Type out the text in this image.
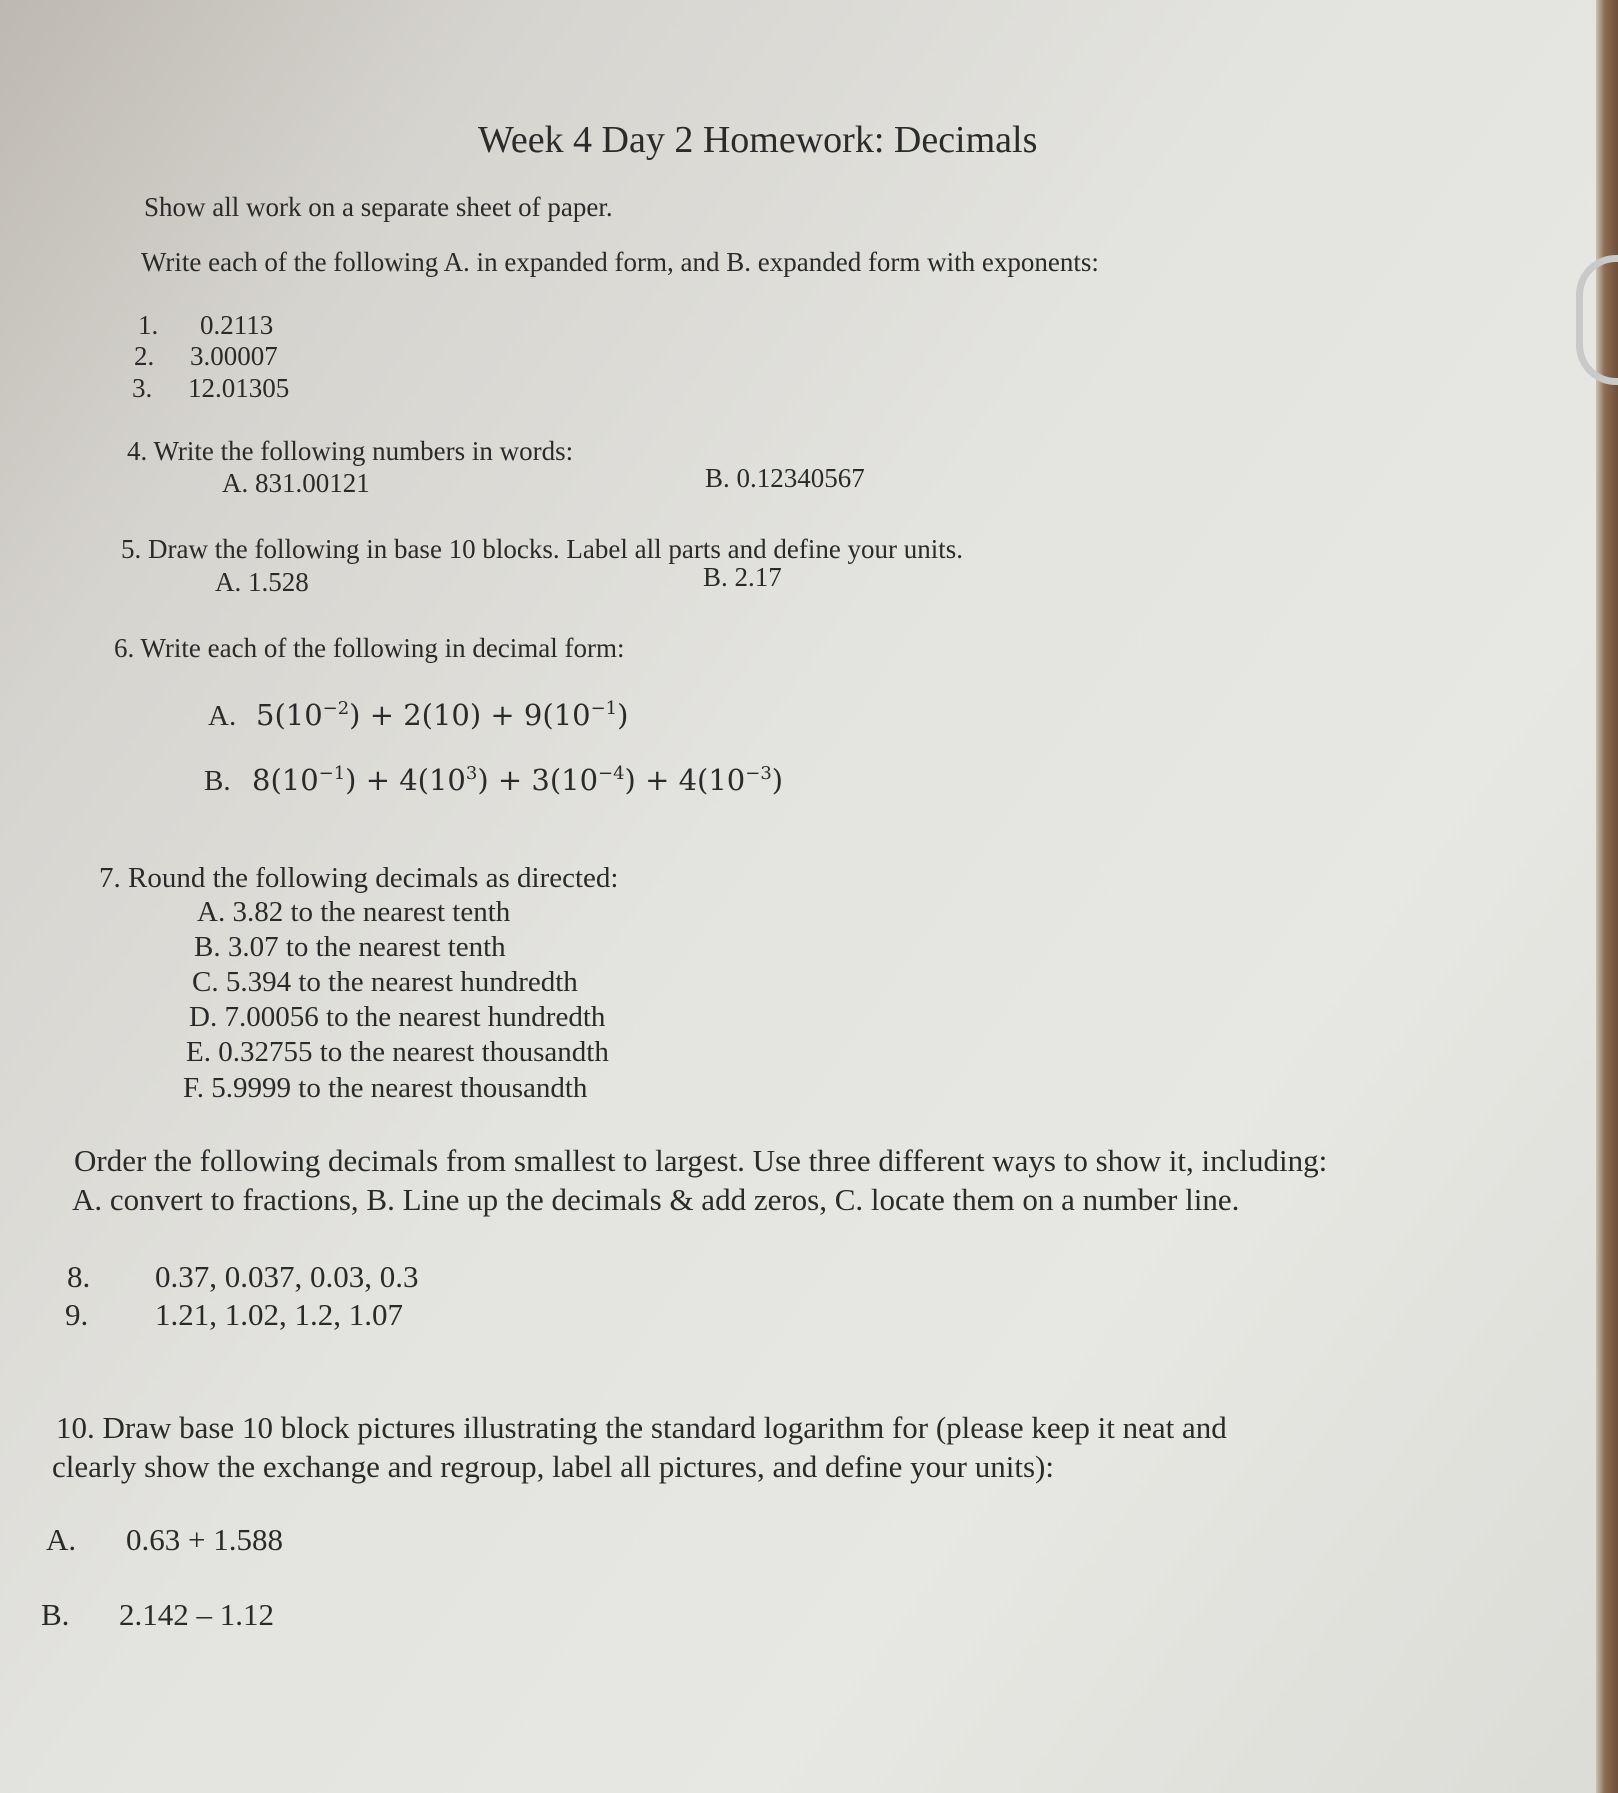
Week 4 Day 2 Homework: Decimals

Show all work on a separate sheet of paper.

Write each of the following A. in expanded form, and B. expanded form with exponents:

1. 0.2113
2. 3.00007
3. 12.01305

4. Write the following numbers in words:

A. 831.00121	B. 0.12340567

5. Draw the following in base 10 blocks. Label all parts and define your units.

A. 1.528	B. 2.17

6. Write each of the following in decimal form:

A. $5(10^{-2}) + 2(10) + 9(10^{-1})$
B. $8(10^{-1}) + 4(10^3) + 3(10^{-4}) + 4(10^{-3})$

7. Round the following decimals as directed:

A. 3.82 to the nearest tenth

B. 3.07 to the nearest tenth

C. 5.394 to the nearest hundredth

D. 7.00056 to the nearest hundredth

E. 0.32755 to the nearest thousandth

F. 5.9999 to the nearest thousandth

Order the following decimals from smallest to largest. Use three different ways to show it, including:

A. convert to fractions, B. Line up the decimals & add zeros, C. locate them on a number line.

8. 0.37, 0.037, 0.03, 0.3
9. 1.21, 1.02, 1.2, 1.07

10. Draw base 10 block pictures illustrating the standard logarithm for (please keep it neat and

clearly show the exchange and regroup, label all pictures, and define your units):

A. 0.63 + 1.588
B. 2.142 – 1.12
